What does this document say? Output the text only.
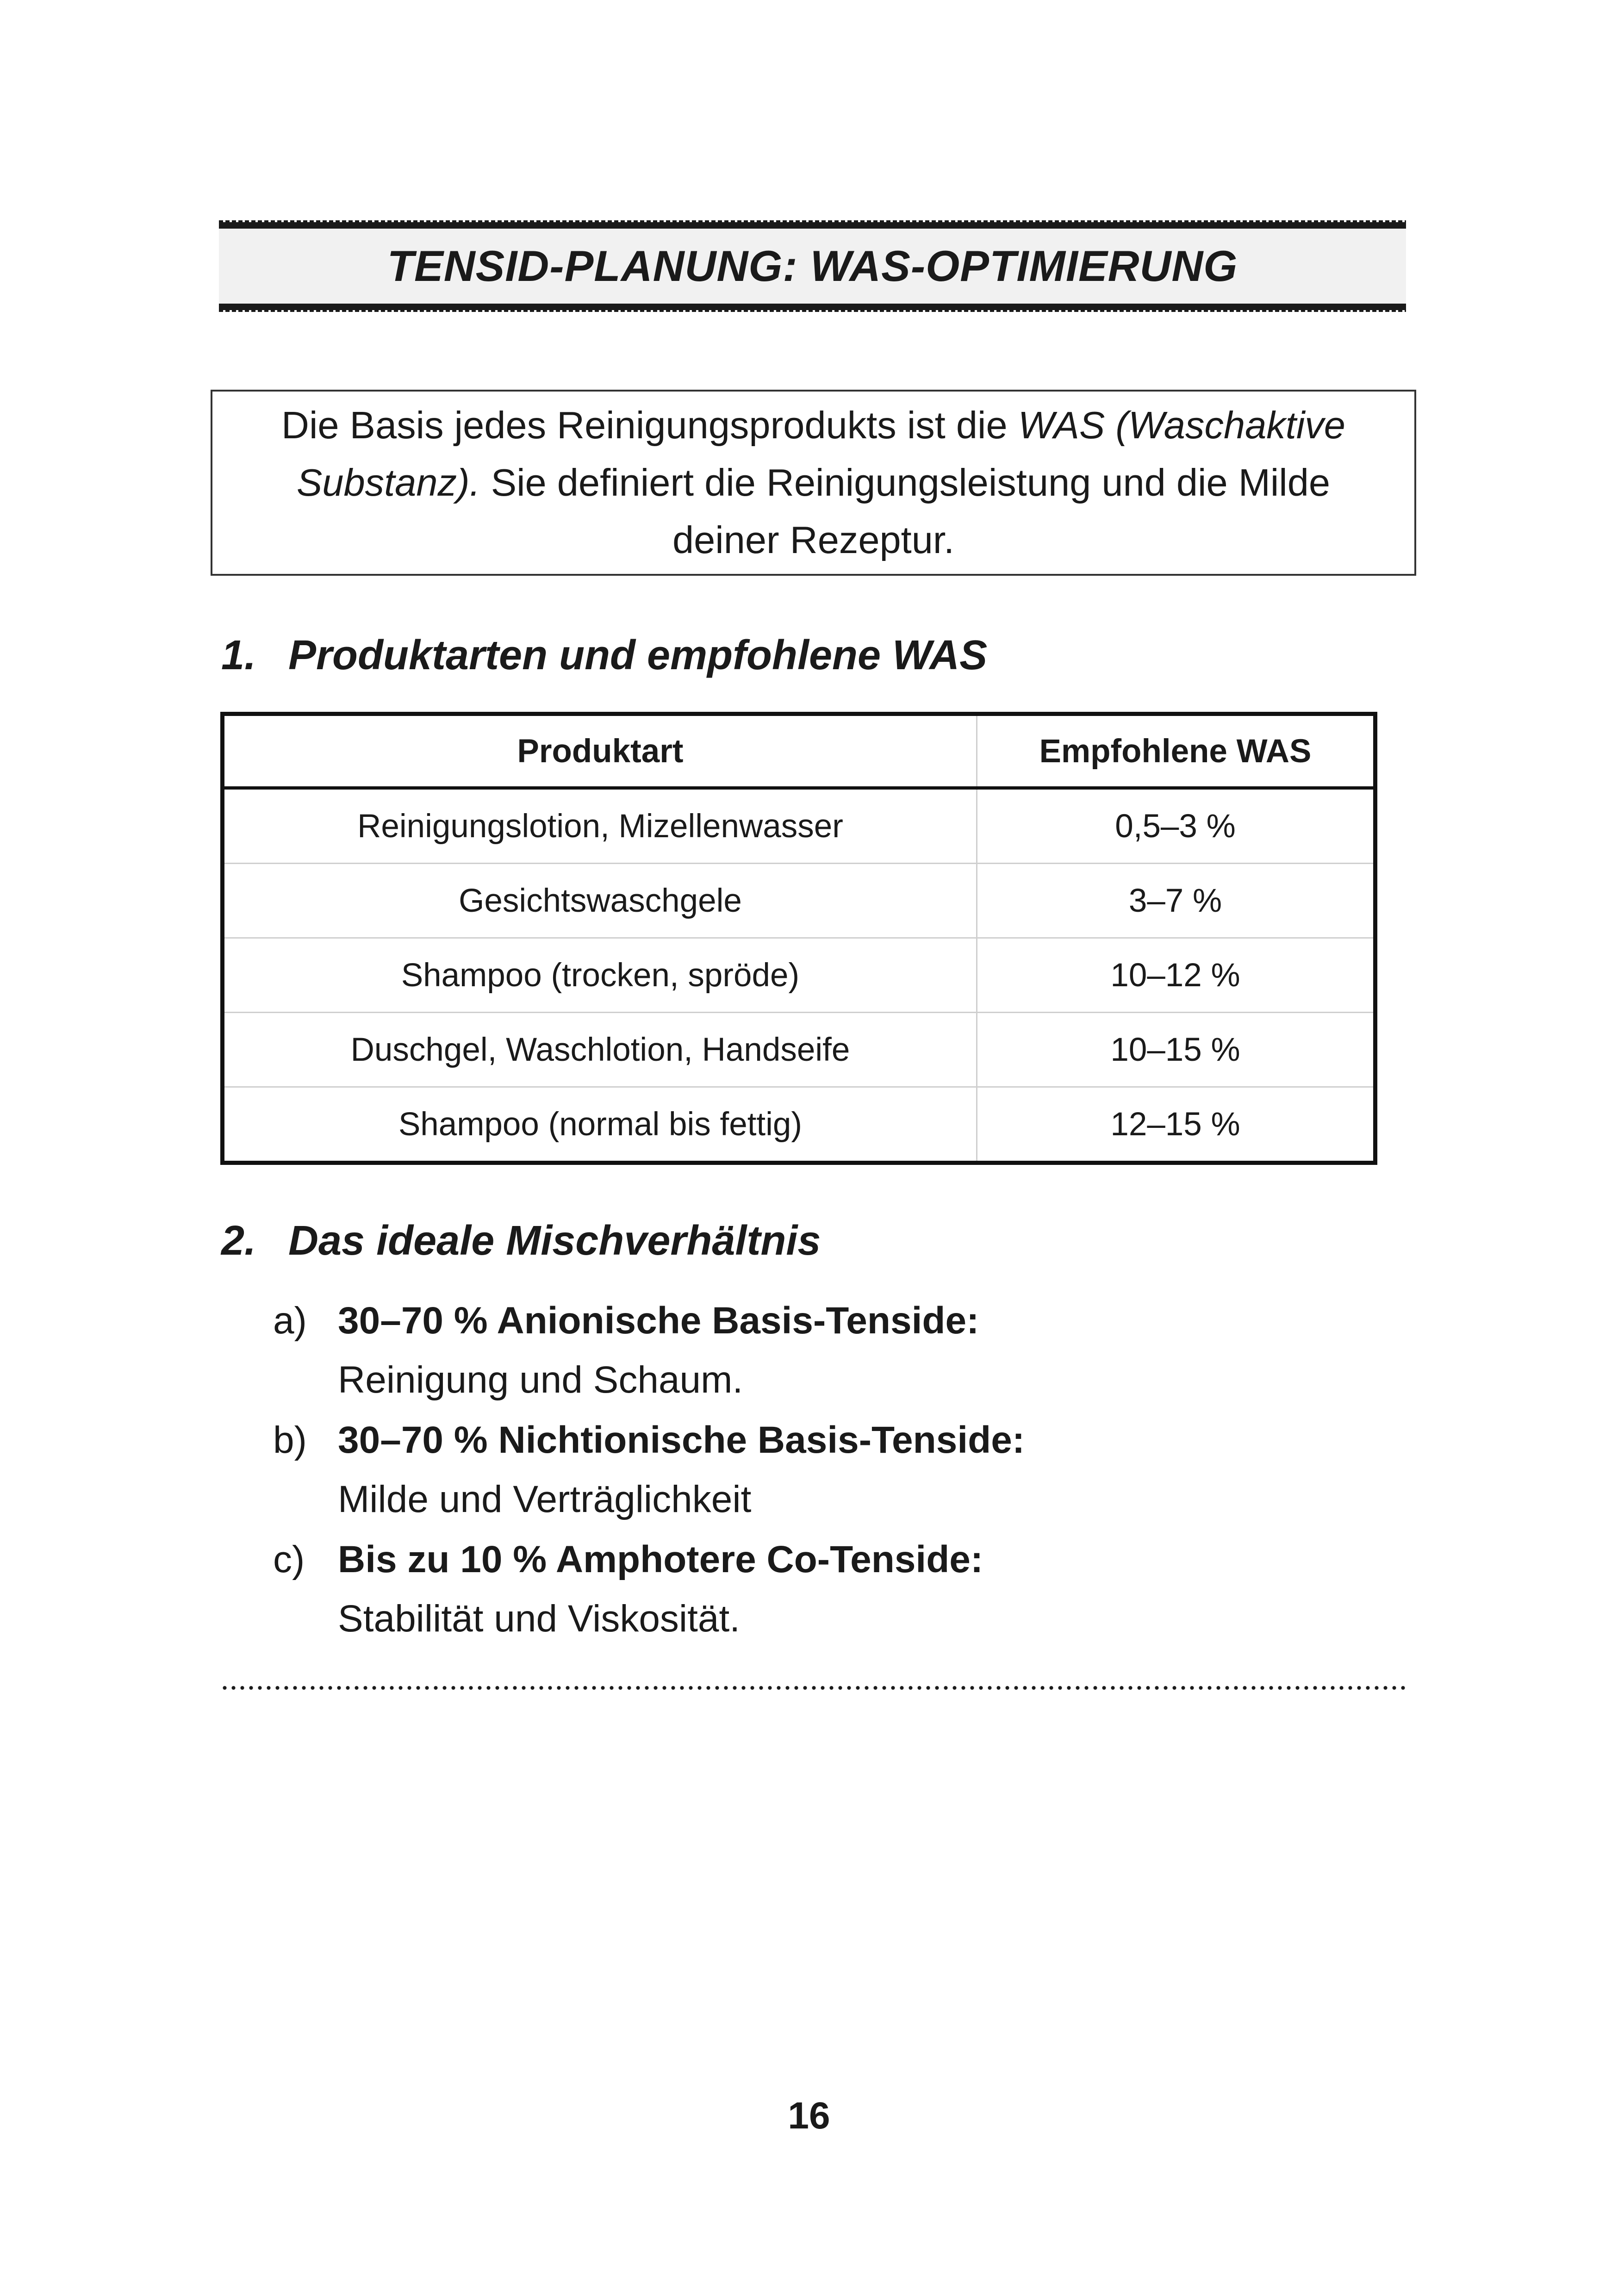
TENSID-PLANUNG: WAS-OPTIMIERUNG
Die Basis jedes Reinigungsprodukts ist die WAS (Waschaktive Substanz). Sie definiert die Reinigungsleistung und die Milde deiner Rezeptur.
1. Produktarten und empfohlene WAS
Produktart	Empfohlene WAS
Reinigungslotion, Mizellenwasser	0,5–3 %
Gesichtswaschgele	3–7 %
Shampoo (trocken, spröde)	10–12 %
Duschgel, Waschlotion, Handseife	10–15 %
Shampoo (normal bis fettig)	12–15 %
2. Das ideale Mischverhältnis
a) 30–70 % Anionische Basis-Tenside:
Reinigung und Schaum.
b) 30–70 % Nichtionische Basis-Tenside:
Milde und Verträglichkeit
c) Bis zu 10 % Amphotere Co-Tenside:
Stabilität und Viskosität.
16
